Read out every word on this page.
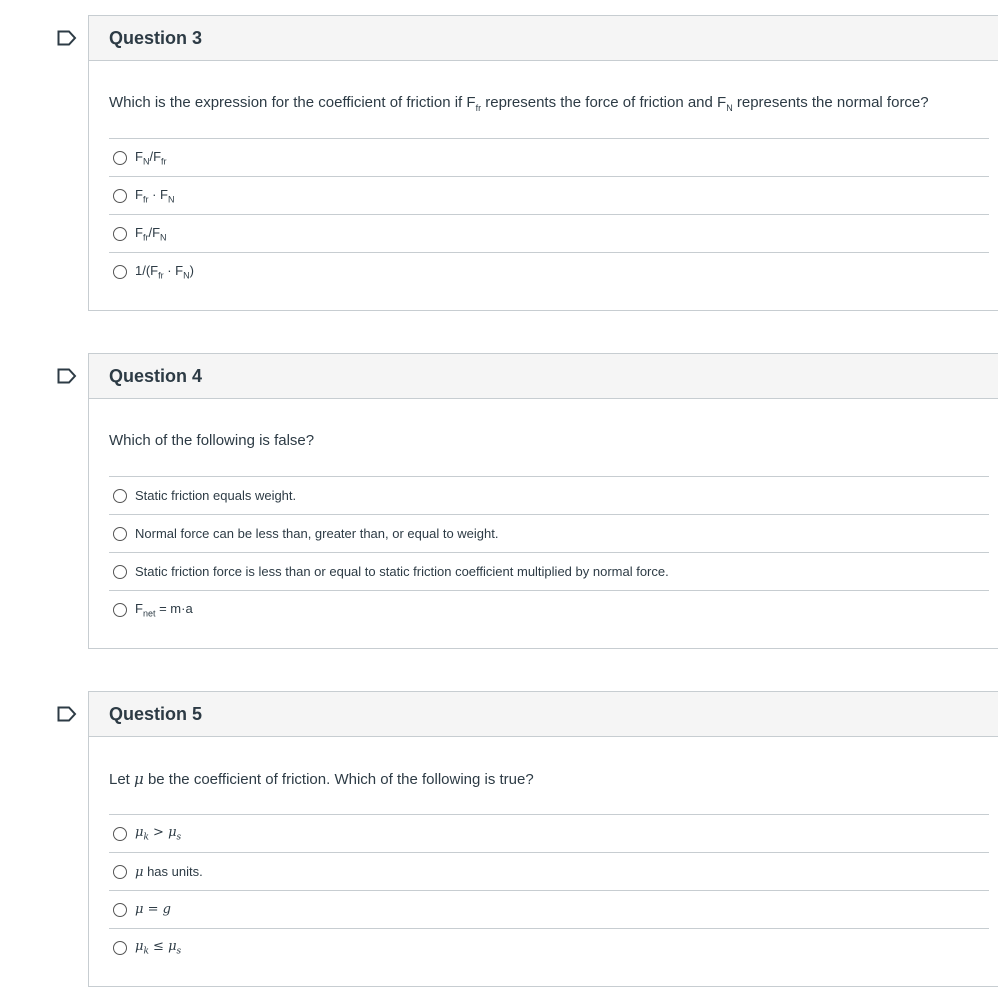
Question 3
Which is the expression for the coefficient of friction if $F_{fr}$ represents the force of friction and $F_N$ represents the normal force?
$F_N/F_{fr}$
$F_{fr} \cdot F_N$
$F_{fr}/F_N$
$1/(F_{fr} \cdot F_N)$
Question 4
Which of the following is false?
Static friction equals weight.
Normal force can be less than, greater than, or equal to weight.
Static friction force is less than or equal to static friction coefficient multiplied by normal force.
$F_{net} = m\cdot a$
Question 5
Let μ be the coefficient of friction. Which of the following is true?
$\mu_k > \mu_s$
μ has units.
μ = g
$\mu_k \le \mu_s$
